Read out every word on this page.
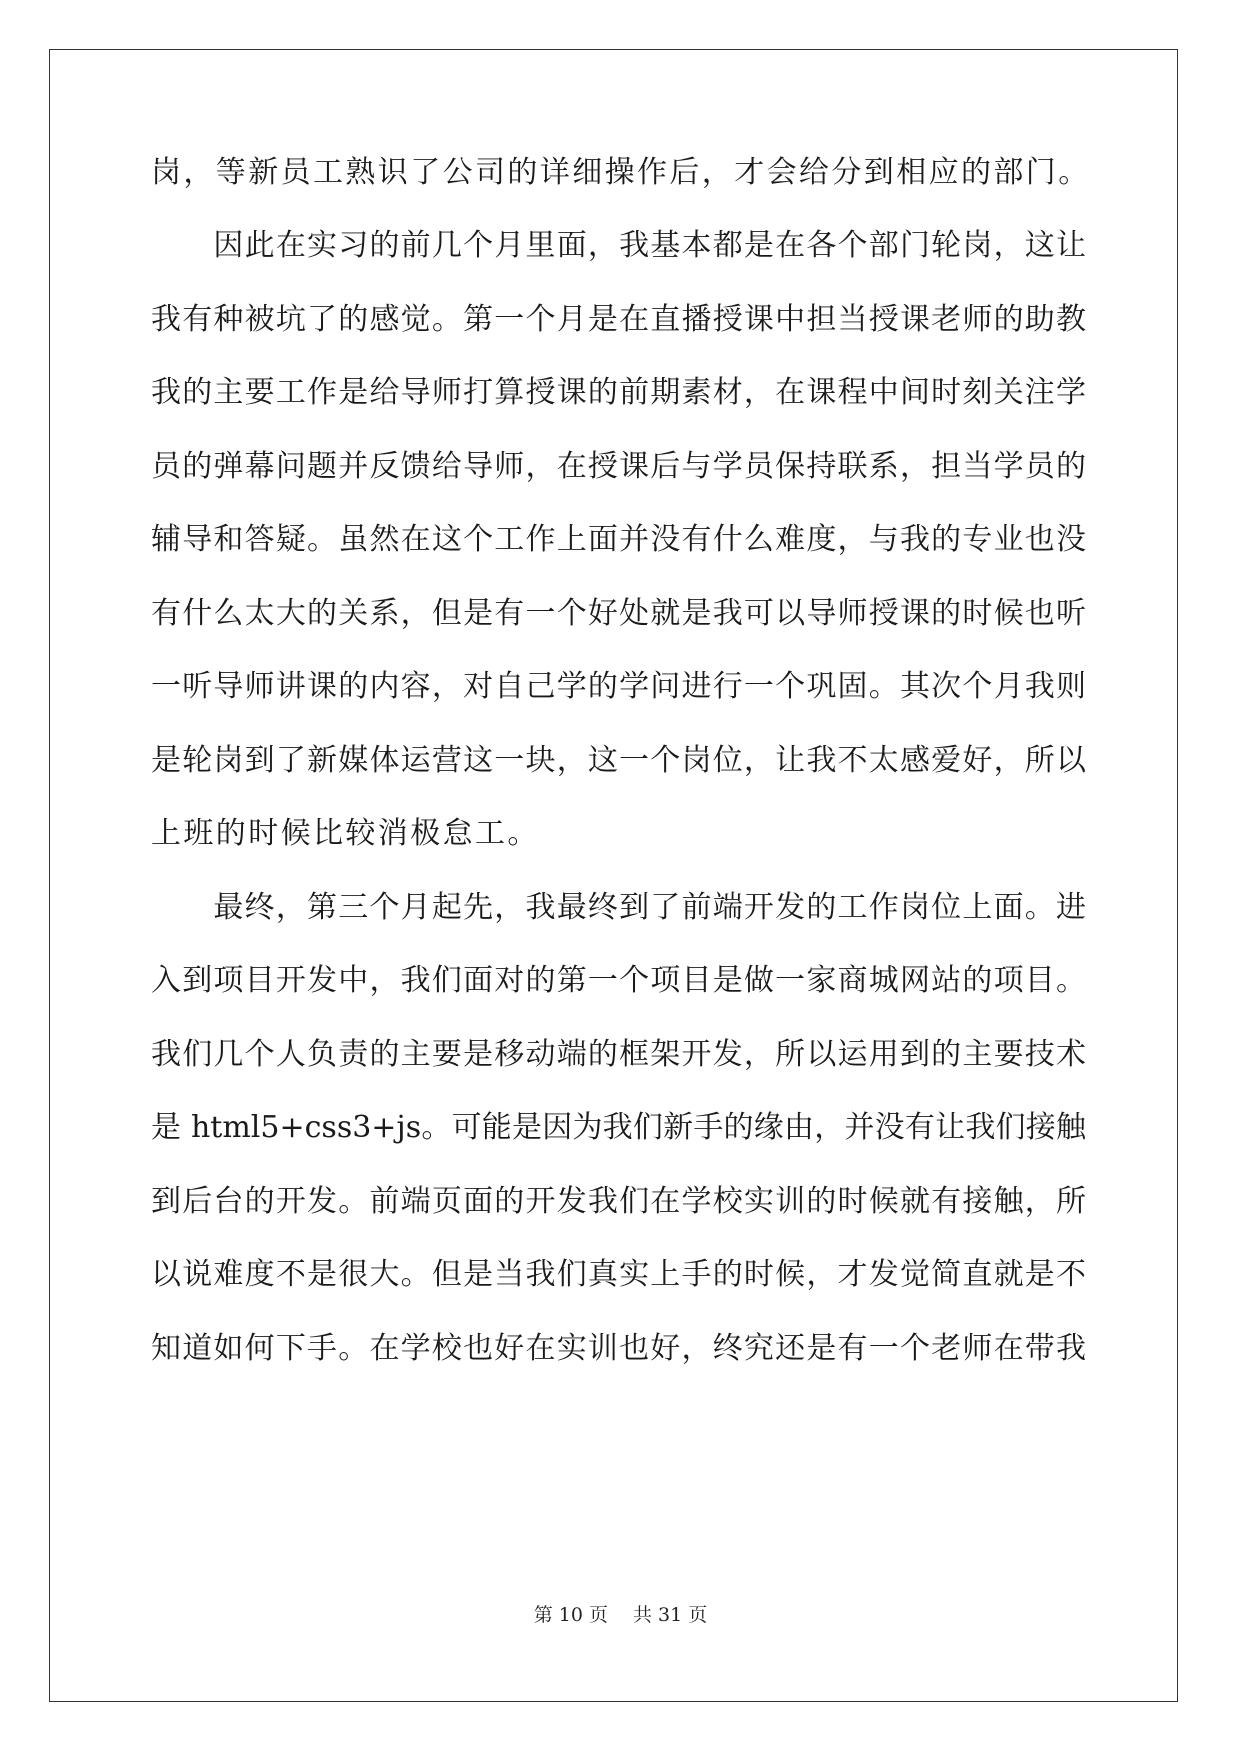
岗，等新员工熟识了公司的详细操作后，才会给分到相应的部门。
　　因此在实习的前几个月里面，我基本都是在各个部门轮岗，这让
我有种被坑了的感觉。第一个月是在直播授课中担当授课老师的助教
我的主要工作是给导师打算授课的前期素材，在课程中间时刻关注学
员的弹幕问题并反馈给导师，在授课后与学员保持联系，担当学员的
辅导和答疑。虽然在这个工作上面并没有什么难度，与我的专业也没
有什么太大的关系，但是有一个好处就是我可以导师授课的时候也听
一听导师讲课的内容，对自己学的学问进行一个巩固。其次个月我则
是轮岗到了新媒体运营这一块，这一个岗位，让我不太感爱好，所以
上班的时候比较消极怠工。
　　最终，第三个月起先，我最终到了前端开发的工作岗位上面。进
入到项目开发中，我们面对的第一个项目是做一家商城网站的项目。
我们几个人负责的主要是移动端的框架开发，所以运用到的主要技术
是 html5+css3+js。可能是因为我们新手的缘由，并没有让我们接触
到后台的开发。前端页面的开发我们在学校实训的时候就有接触，所
以说难度不是很大。但是当我们真实上手的时候，才发觉简直就是不
知道如何下手。在学校也好在实训也好，终究还是有一个老师在带我
第 10 页　 共 31 页
